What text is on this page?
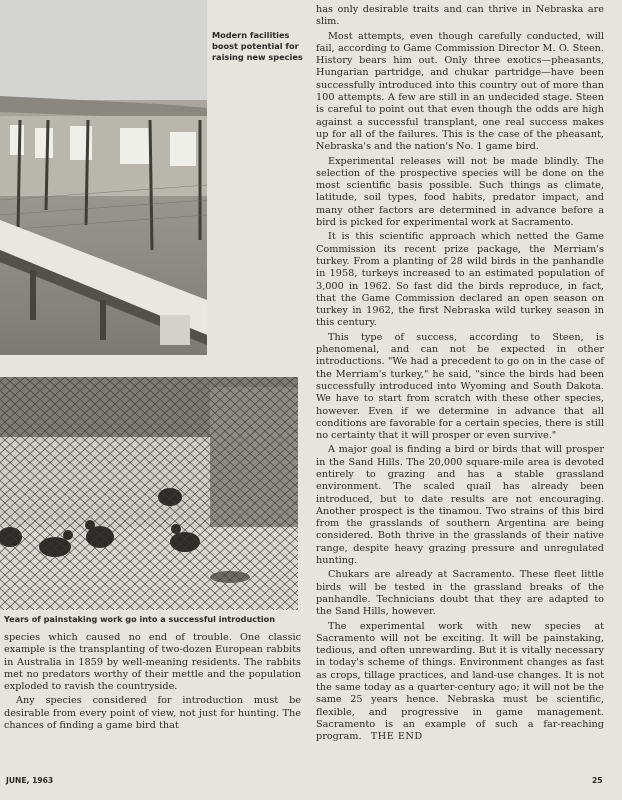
Modern facilities boost potential for raising new species
Years of painstaking work go into a successful introduction

has only desirable traits and can thrive in Nebraska are slim.

Most attempts, even though carefully conducted, will fail, according to Game Commission Director M. O. Steen. History bears him out. Only three exotics—pheasants, Hungarian partridge, and chukar partridge—have been successfully introduced into this country out of more than 100 attempts. A few are still in an undecided stage. Steen is careful to point out that even though the odds are high against a successful transplant, one real success makes up for all of the failures. This is the case of the pheasant, Nebraska's and the nation's No. 1 game bird.

Experimental releases will not be made blindly. The selection of the prospective species will be done on the most scientific basis possible. Such things as climate, latitude, soil types, food habits, predator impact, and many other factors are determined in advance before a bird is picked for experimental work at Sacramento.

It is this scientific approach which netted the Game Commission its recent prize package, the Merriam's turkey. From a planting of 28 wild birds in the panhandle in 1958, turkeys increased to an estimated population of 3,000 in 1962. So fast did the birds reproduce, in fact, that the Game Commission declared an open season on turkey in 1962, the first Nebraska wild turkey season in this century.

This type of success, according to Steen, is phenomenal, and can not be expected in other introductions. "We had a precedent to go on in the case of the Merriam's turkey," he said, "since the birds had been successfully introduced into Wyoming and South Dakota. We have to start from scratch with these other species, however. Even if we determine in advance that all conditions are favorable for a certain species, there is still no certainty that it will prosper or even survive."

A major goal is finding a bird or birds that will prosper in the Sand Hills. The 20,000 square-mile area is devoted entirely to grazing and has a stable grassland environment. The scaled quail has already been introduced, but to date results are not encouraging. Another prospect is the tinamou. Two strains of this bird from the grasslands of southern Argentina are being considered. Both thrive in the grasslands of their native range, despite heavy grazing pressure and unregulated hunting.

Chukars are already at Sacramento. These fleet little birds will be tested in the grassland breaks of the panhandle. Technicians doubt that they are adapted to the Sand Hills, however.

The experimental work with new species at Sacramento will not be exciting. It will be painstaking, tedious, and often unrewarding. But it is vitally necessary in today's scheme of things. Environment changes as fast as crops, tillage practices, and land-use changes. It is not the same today as a quarter-century ago; it will not be the same 25 years hence. Nebraska must be scientific, flexible, and progressive in game management. Sacramento is an example of such a far-reaching program. THE END

species which caused no end of trouble. One classic example is the transplanting of two-dozen European rabbits in Australia in 1859 by well-meaning residents. The rabbits met no predators worthy of their mettle and the population exploded to ravish the countryside.

Any species considered for introduction must be desirable from every point of view, not just for hunting. The chances of finding a game bird that

JUNE, 1963	25
